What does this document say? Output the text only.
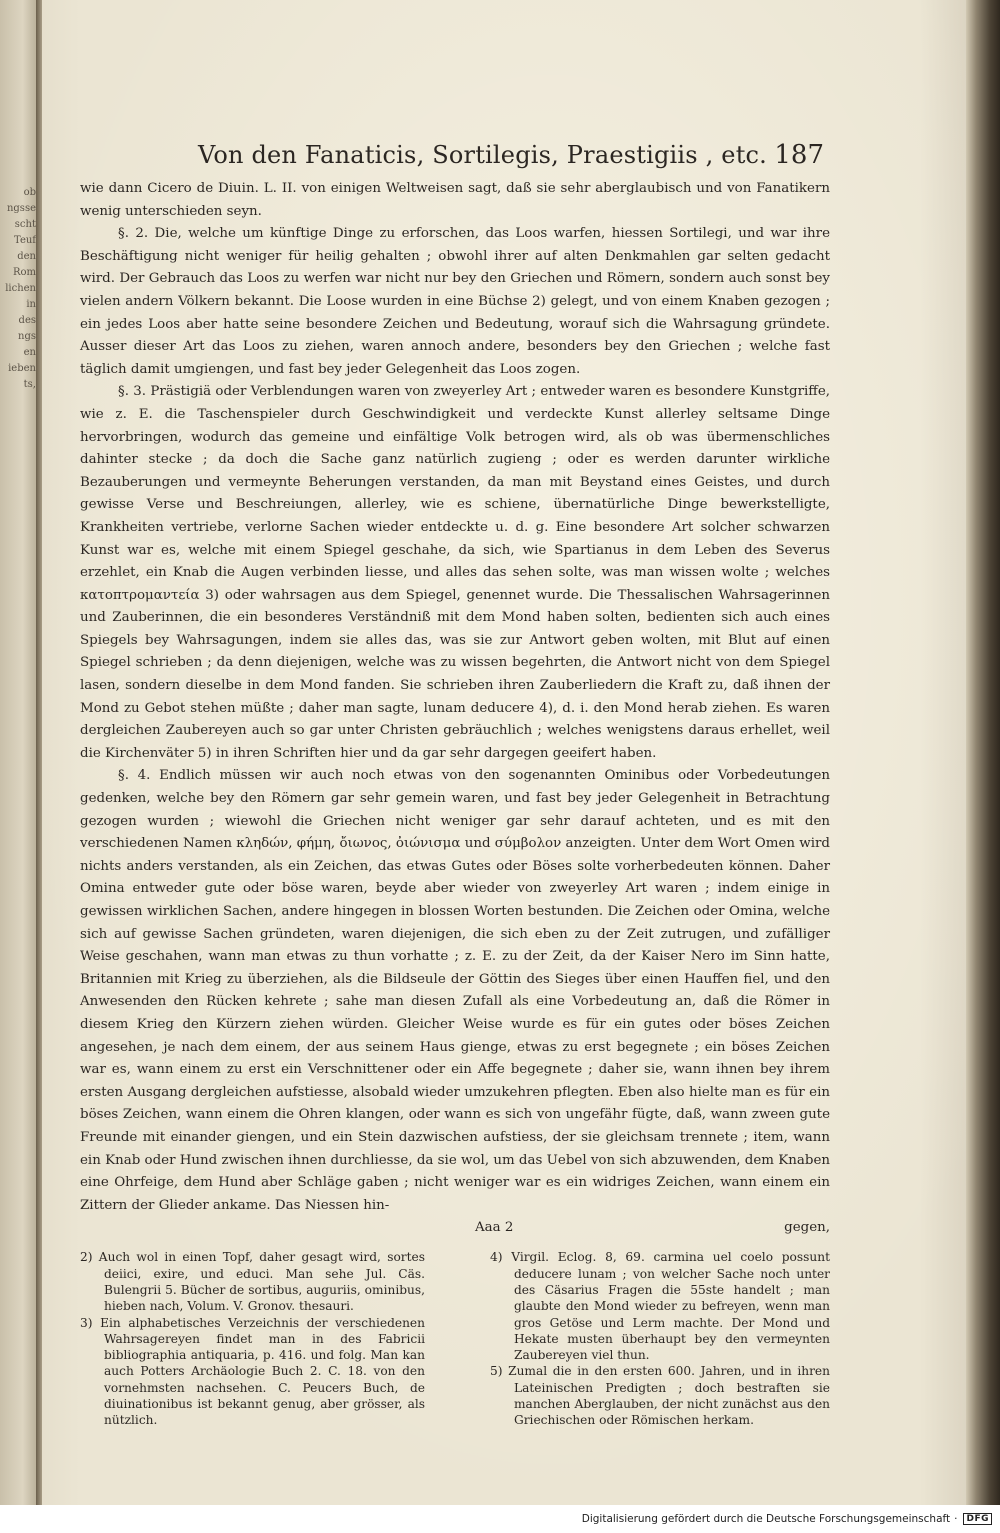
ob
ngsse
scht
Teuf
den
Rom
lichen
in
des
ngs
en
ieben
ts,
Von den Fanaticis, Sortilegis, Praestigiis , etc. 187

wie dann Cicero de Diuin. L. II. von einigen Weltweisen sagt, daß sie sehr aberglaubisch und von Fanatikern wenig unterschieden seyn.

§. 2. Die, welche um künftige Dinge zu erforschen, das Loos warfen, hiessen Sortilegi, und war ihre Beschäftigung nicht weniger für heilig gehalten ; obwohl ihrer auf alten Denkmahlen gar selten gedacht wird. Der Gebrauch das Loos zu werfen war nicht nur bey den Griechen und Römern, sondern auch sonst bey vielen andern Völkern bekannt. Die Loose wurden in eine Büchse 2) gelegt, und von einem Knaben gezogen ; ein jedes Loos aber hatte seine besondere Zeichen und Bedeutung, worauf sich die Wahrsagung gründete. Ausser dieser Art das Loos zu ziehen, waren annoch andere, besonders bey den Griechen ; welche fast täglich damit umgiengen, und fast bey jeder Gelegenheit das Loos zogen.

§. 3. Prästigiä oder Verblendungen waren von zweyerley Art ; entweder waren es besondere Kunstgriffe, wie z. E. die Taschenspieler durch Geschwindigkeit und verdeckte Kunst allerley seltsame Dinge hervorbringen, wodurch das gemeine und einfältige Volk betrogen wird, als ob was übermenschliches dahinter stecke ; da doch die Sache ganz natürlich zugieng ; oder es werden darunter wirkliche Bezauberungen und vermeynte Beherungen verstanden, da man mit Beystand eines Geistes, und durch gewisse Verse und Beschreiungen, allerley, wie es schiene, übernatürliche Dinge bewerkstelligte, Krankheiten vertriebe, verlorne Sachen wieder entdeckte u. d. g. Eine besondere Art solcher schwarzen Kunst war es, welche mit einem Spiegel geschahe, da sich, wie Spartianus in dem Leben des Severus erzehlet, ein Knab die Augen verbinden liesse, und alles das sehen solte, was man wissen wolte ; welches κατοπτρομαντεία 3) oder wahrsagen aus dem Spiegel, genennet wurde. Die Thessalischen Wahrsagerinnen und Zauberinnen, die ein besonderes Verständniß mit dem Mond haben solten, bedienten sich auch eines Spiegels bey Wahrsagungen, indem sie alles das, was sie zur Antwort geben wolten, mit Blut auf einen Spiegel schrieben ; da denn diejenigen, welche was zu wissen begehrten, die Antwort nicht von dem Spiegel lasen, sondern dieselbe in dem Mond fanden. Sie schrieben ihren Zauberliedern die Kraft zu, daß ihnen der Mond zu Gebot stehen müßte ; daher man sagte, lunam deducere 4), d. i. den Mond herab ziehen. Es waren dergleichen Zaubereyen auch so gar unter Christen gebräuchlich ; welches wenigstens daraus erhellet, weil die Kirchenväter 5) in ihren Schriften hier und da gar sehr dargegen geeifert haben.

§. 4. Endlich müssen wir auch noch etwas von den sogenannten Ominibus oder Vorbedeutungen gedenken, welche bey den Römern gar sehr gemein waren, und fast bey jeder Gelegenheit in Betrachtung gezogen wurden ; wiewohl die Griechen nicht weniger gar sehr darauf achteten, und es mit den verschiedenen Namen κληδών, φήμη, ὄιωνος, ὀιώνισμα und σύμβολον anzeigten. Unter dem Wort Omen wird nichts anders verstanden, als ein Zeichen, das etwas Gutes oder Böses solte vorherbedeuten können. Daher Omina entweder gute oder böse waren, beyde aber wieder von zweyerley Art waren ; indem einige in gewissen wirklichen Sachen, andere hingegen in blossen Worten bestunden. Die Zeichen oder Omina, welche sich auf gewisse Sachen gründeten, waren diejenigen, die sich eben zu der Zeit zutrugen, und zufälliger Weise geschahen, wann man etwas zu thun vorhatte ; z. E. zu der Zeit, da der Kaiser Nero im Sinn hatte, Britannien mit Krieg zu überziehen, als die Bildseule der Göttin des Sieges über einen Hauffen fiel, und den Anwesenden den Rücken kehrete ; sahe man diesen Zufall als eine Vorbedeutung an, daß die Römer in diesem Krieg den Kürzern ziehen würden. Gleicher Weise wurde es für ein gutes oder böses Zeichen angesehen, je nach dem einem, der aus seinem Haus gienge, etwas zu erst begegnete ; ein böses Zeichen war es, wann einem zu erst ein Verschnittener oder ein Affe begegnete ; daher sie, wann ihnen bey ihrem ersten Ausgang dergleichen aufstiesse, alsobald wieder umzukehren pflegten. Eben also hielte man es für ein böses Zeichen, wann einem die Ohren klangen, oder wann es sich von ungefähr fügte, daß, wann zween gute Freunde mit einander giengen, und ein Stein dazwischen aufstiess, der sie gleichsam trennete ; item, wann ein Knab oder Hund zwischen ihnen durchliesse, da sie wol, um das Uebel von sich abzuwenden, dem Knaben eine Ohrfeige, dem Hund aber Schläge gaben ; nicht weniger war es ein widriges Zeichen, wann einem ein Zittern der Glieder ankame. Das Niessen hin-

Aaa 2	gegen,

2) Auch wol in einen Topf, daher gesagt wird, sortes deiici, exire, und educi. Man sehe Jul. Cäs. Bulengrii 5. Bücher de sortibus, auguriis, ominibus, hieben nach, Volum. V. Gronov. thesauri.

3) Ein alphabetisches Verzeichnis der verschiedenen Wahrsagereyen findet man in des Fabricii bibliographia antiquaria, p. 416. und folg. Man kan auch Potters Archäologie Buch 2. C. 18. von den vornehmsten nachsehen. C. Peucers Buch, de diuinationibus ist bekannt genug, aber grösser, als nützlich.

4) Virgil. Eclog. 8, 69. carmina uel coelo possunt deducere lunam ; von welcher Sache noch unter des Cäsarius Fragen die 55ste handelt ; man glaubte den Mond wieder zu befreyen, wenn man gros Getöse und Lerm machte. Der Mond und Hekate musten überhaupt bey den vermeynten Zaubereyen viel thun.

5) Zumal die in den ersten 600. Jahren, und in ihren Lateinischen Predigten ; doch bestraften sie manchen Aberglauben, der nicht zunächst aus den Griechischen oder Römischen herkam.

Digitalisierung gefördert durch die Deutsche Forschungsgemeinschaft ·	DFG
